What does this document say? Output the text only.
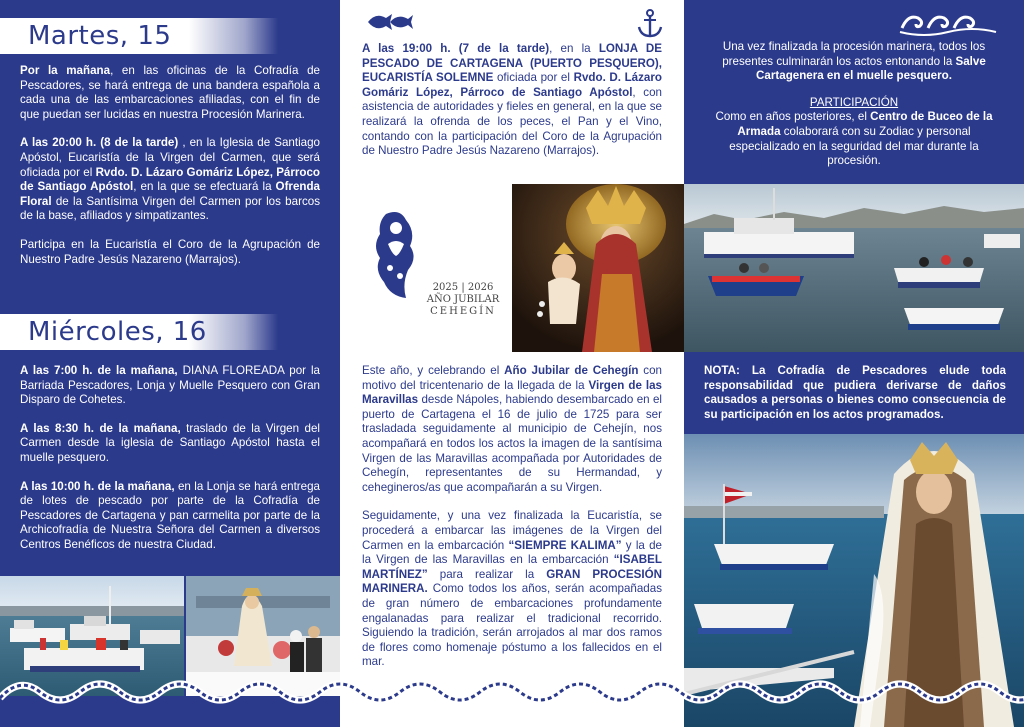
Martes, 15

Por la mañana, en las oficinas de la Cofradía de Pescadores, se hará entrega de una bandera española a cada una de las embarcaciones afiliadas, con el fin de que puedan ser lucidas en nuestra Procesión Marinera.

A las 20:00 h. (8 de la tarde) , en la Iglesia de Santiago Apóstol, Eucaristía de la Virgen del Carmen, que será oficiada por el Rvdo. D. Lázaro Gomáriz López, Párroco de Santiago Apóstol, en la que se efectuará la Ofrenda Floral de la Santísima Virgen del Carmen por los barcos de la base, afiliados y simpatizantes.

Participa en la Eucaristía el Coro de la Agrupación de Nuestro Padre Jesús Nazareno (Marrajos).

Miércoles, 16

A las 7:00 h. de la mañana, DIANA FLOREADA por la Barriada Pescadores, Lonja y Muelle Pesquero con Gran Disparo de Cohetes.

A las 8:30 h. de la mañana, traslado de la Virgen del Carmen desde la iglesia de Santiago Apóstol hasta el muelle pesquero.

A las 10:00 h. de la mañana, en la Lonja se hará entrega de lotes de pescado por parte de la Cofradía de Pescadores de Cartagena y pan carmelita por parte de la Archicofradía de Nuestra Señora del Carmen a diversos Centros Benéficos de nuestra Ciudad.

A las 19:00 h. (7 de la tarde), en la LONJA DE PESCADO DE CARTAGENA (PUERTO PESQUERO), EUCARISTÍA SOLEMNE oficiada por el Rvdo. D. Lázaro Gomáriz López, Párroco de Santiago Apóstol, con asistencia de autoridades y fieles en general, en la que se realizará la ofrenda de los peces, el Pan y el Vino, contando con la participación del Coro de la Agrupación de Nuestro Padre Jesús Nazareno (Marrajos).

2025 | 2026
AÑO JUBILAR
CEHEGÍN

Este año, y celebrando el Año Jubilar de Cehegín con motivo del tricentenario de la llegada de la Virgen de las Maravillas desde Nápoles, habiendo desembarcado en el puerto de Cartagena el 16 de julio de 1725 para ser trasladada seguidamente al municipio de Cehejín, nos acompañará en todos los actos la imagen de la santísima Virgen de las Maravillas acompañada por Autoridades de Cehegín, representantes de su Hermandad, y cehegineros/as que acompañarán a su Virgen.

Seguidamente, y una vez finalizada la Eucaristía, se procederá a embarcar las imágenes de la Virgen del Carmen en la embarcación “SIEMPRE KALIMA” y la de la Virgen de las Maravillas en la embarcación “ISABEL MARTÍNEZ” para realizar la GRAN PROCESIÓN MARINERA. Como todos los años, serán acompañadas de gran número de embarcaciones profundamente engalanadas para realizar el tradicional recorrido. Siguiendo la tradición, serán arrojados al mar dos ramos de flores como homenaje póstumo a los fallecidos en el mar.

Una vez finalizada la procesión marinera, todos los presentes culminarán los actos entonando la Salve Cartagenera en el muelle pesquero.

PARTICIPACIÓN

Como en años posteriores, el Centro de Buceo de la Armada colaborará con su Zodiac y personal especializado en la seguridad del mar durante la procesión.

NOTA: La Cofradía de Pescadores elude toda responsabilidad que pudiera derivarse de daños causados a personas o bienes como consecuencia de su participación en los actos programados.
